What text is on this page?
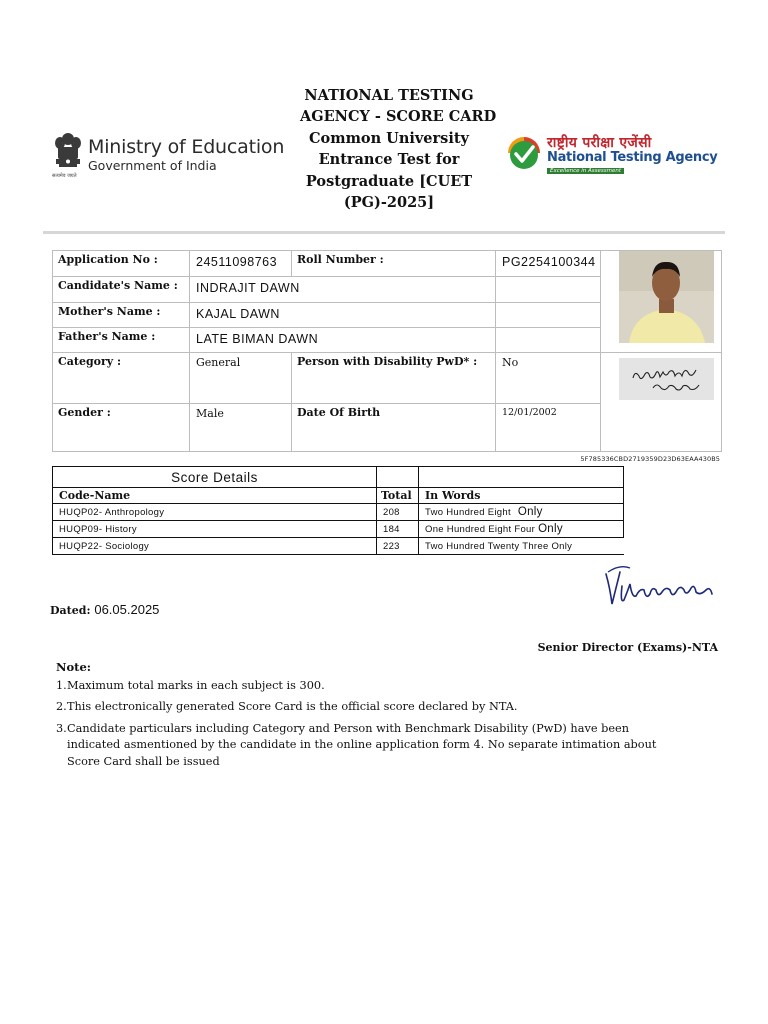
Ministry of Education
Government of India
सत्यमेव जयते
NATIONAL TESTING
AGENCY - SCORE CARD
Common University
Entrance Test for
Postgraduate [CUET
(PG)-2025]
राष्ट्रीय परीक्षा एजेंसी
National Testing Agency
Excellence in Assessment
Application No :	24511098763	Roll Number :	PG2254100344	

Candidate's Name :	INDRAJIT DAWN			
Mother's Name :	KAJAL DAWN			
Father's Name :	LATE BIMAN DAWN			
Category :	General	Person with Disability PwD* :	No	

Gender :	Male	Date Of Birth	12/01/2002	
5F785336CBD2719359D23D63EAA430B5
Score Details		
Code-Name	Total	In Words
HUQP02- Anthropology	208	Two Hundred Eight Only
HUQP09- History	184	One Hundred Eight Four Only
HUQP22- Sociology	223	Two Hundred Twenty Three Only
Dated: 06.05.2025
Senior Director (Exams)-NTA
Note:
1. Maximum total marks in each subject is 300.
2. This electronically generated Score Card is the official score declared by NTA.
3. Candidate particulars including Category and Person with Benchmark Disability (PwD) have been indicated asmentioned by the candidate in the online application form 4. No separate intimation about Score Card shall be issued
